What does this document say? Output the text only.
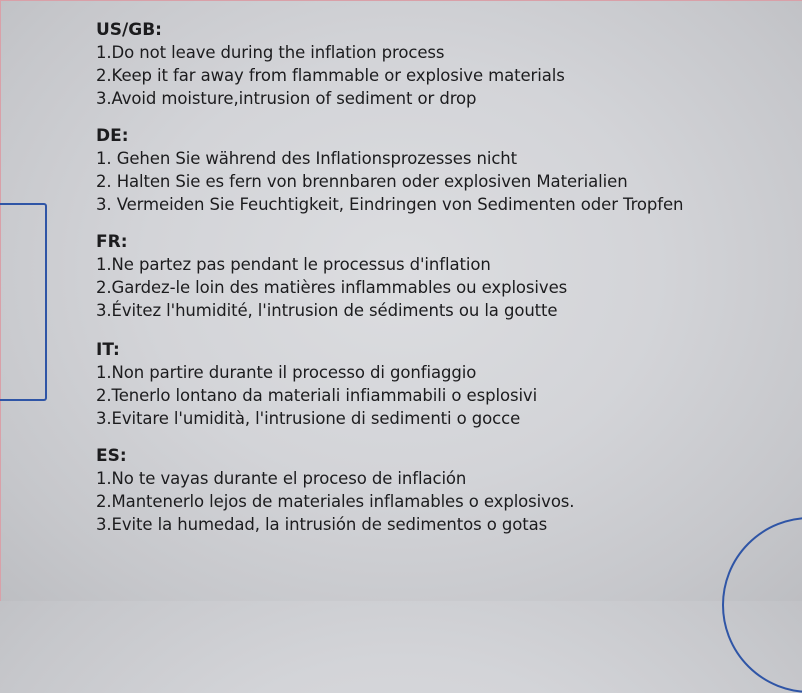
US/GB:
1.Do not leave during the inflation process
2.Keep it far away from flammable or explosive materials
3.Avoid moisture,intrusion of sediment or drop
DE:
1. Gehen Sie während des Inflationsprozesses nicht
2. Halten Sie es fern von brennbaren oder explosiven Materialien
3. Vermeiden Sie Feuchtigkeit, Eindringen von Sedimenten oder Tropfen
FR:
1.Ne partez pas pendant le processus d'inflation
2.Gardez-le loin des matières inflammables ou explosives
3.Évitez l'humidité, l'intrusion de sédiments ou la goutte
IT:
1.Non partire durante il processo di gonfiaggio
2.Tenerlo lontano da materiali infiammabili o esplosivi
3.Evitare l'umidità, l'intrusione di sedimenti o gocce
ES:
1.No te vayas durante el proceso de inflación
2.Mantenerlo lejos de materiales inflamables o explosivos.
3.Evite la humedad, la intrusión de sedimentos o gotas
